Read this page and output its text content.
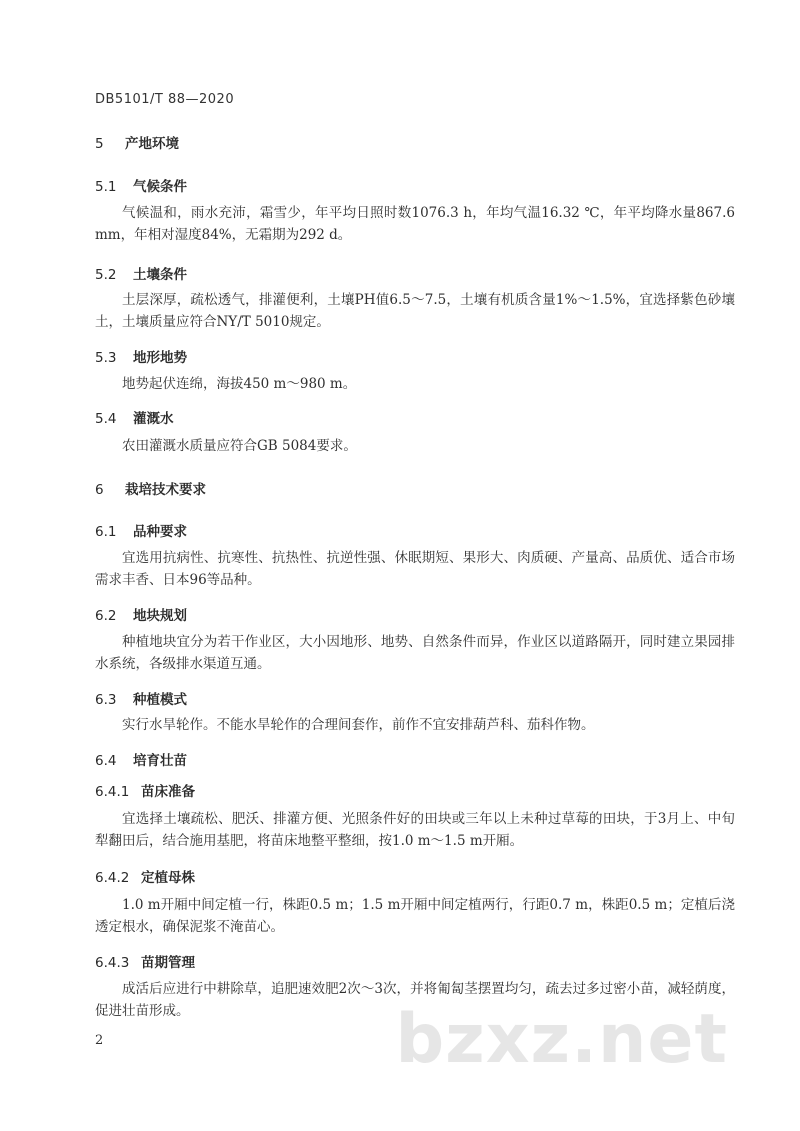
DB5101/T 88—2020
5 产地环境
5.1 气候条件
气候温和，雨水充沛，霜雪少，年平均日照时数1076.3 h，年均气温16.32 ℃，年平均降水量867.6 mm，年相对湿度84%，无霜期为292 d。
5.2 土壤条件
土层深厚，疏松透气，排灌便利，土壤PH值6.5～7.5，土壤有机质含量1%～1.5%，宜选择紫色砂壤土，土壤质量应符合NY/T 5010规定。
5.3 地形地势
地势起伏连绵，海拔450 m～980 m。
5.4 灌溉水
农田灌溉水质量应符合GB 5084要求。
6 栽培技术要求
6.1 品种要求
宜选用抗病性、抗寒性、抗热性、抗逆性强、休眠期短、果形大、肉质硬、产量高、品质优、适合市场需求丰香、日本96等品种。
6.2 地块规划
种植地块宜分为若干作业区，大小因地形、地势、自然条件而异，作业区以道路隔开，同时建立果园排水系统，各级排水渠道互通。
6.3 种植模式
实行水旱轮作。不能水旱轮作的合理间套作，前作不宜安排葫芦科、茄科作物。
6.4 培育壮苗
6.4.1 苗床准备
宜选择土壤疏松、肥沃、排灌方便、光照条件好的田块或三年以上未种过草莓的田块，于3月上、中旬犁翻田后，结合施用基肥，将苗床地整平整细，按1.0 m～1.5 m开厢。
6.4.2 定植母株
1.0 m开厢中间定植一行，株距0.5 m；1.5 m开厢中间定植两行，行距0.7 m，株距0.5 m；定植后浇透定根水，确保泥浆不淹苗心。
6.4.3 苗期管理
成活后应进行中耕除草，追肥速效肥2次～3次，并将匍匐茎摆置均匀，疏去过多过密小苗，减轻荫度，促进壮苗形成。
2	bzxz.net
